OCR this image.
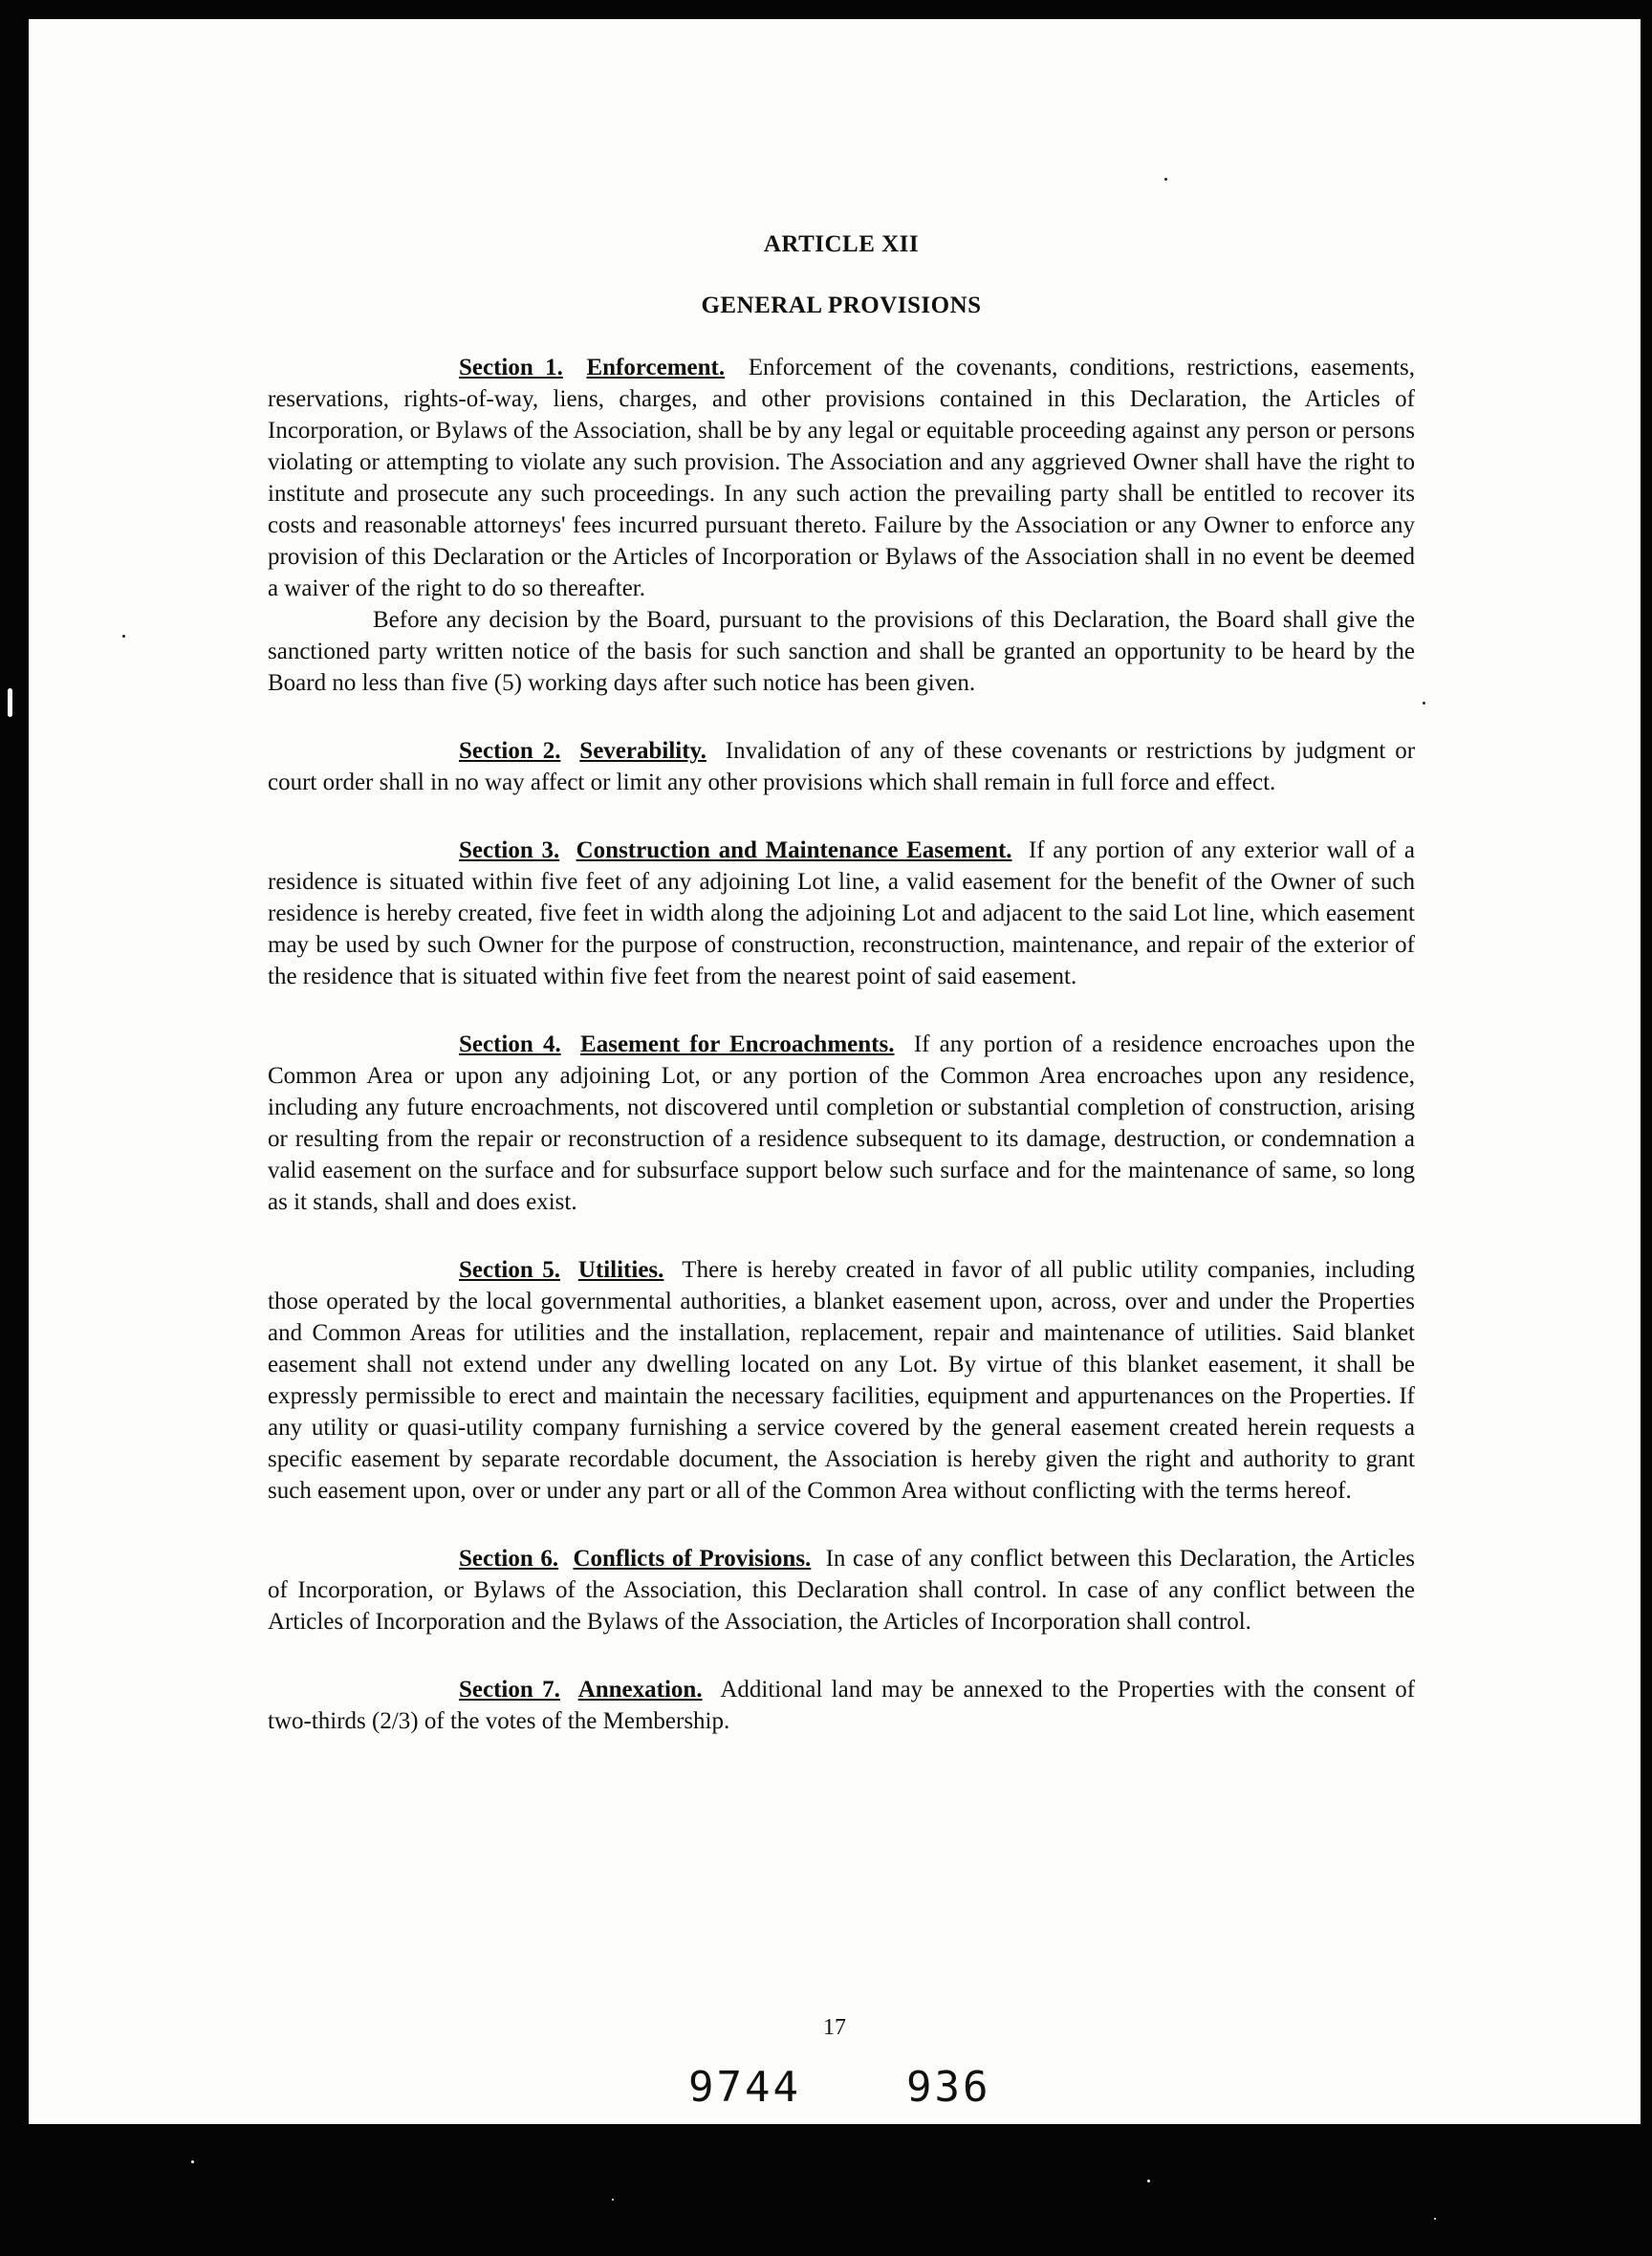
ARTICLE XII
GENERAL PROVISIONS

Section 1. Enforcement. Enforcement of the covenants, conditions, restrictions, easements, reservations, rights-of-way, liens, charges, and other provisions contained in this Declaration, the Articles of Incorporation, or Bylaws of the Association, shall be by any legal or equitable proceeding against any person or persons violating or attempting to violate any such provision. The Association and any aggrieved Owner shall have the right to institute and prosecute any such proceedings. In any such action the prevailing party shall be entitled to recover its costs and reasonable attorneys' fees incurred pursuant thereto. Failure by the Association or any Owner to enforce any provision of this Declaration or the Articles of Incorporation or Bylaws of the Association shall in no event be deemed a waiver of the right to do so thereafter.

Before any decision by the Board, pursuant to the provisions of this Declaration, the Board shall give the sanctioned party written notice of the basis for such sanction and shall be granted an opportunity to be heard by the Board no less than five (5) working days after such notice has been given.

Section 2. Severability. Invalidation of any of these covenants or restrictions by judgment or court order shall in no way affect or limit any other provisions which shall remain in full force and effect.

Section 3. Construction and Maintenance Easement. If any portion of any exterior wall of a residence is situated within five feet of any adjoining Lot line, a valid easement for the benefit of the Owner of such residence is hereby created, five feet in width along the adjoining Lot and adjacent to the said Lot line, which easement may be used by such Owner for the purpose of construction, reconstruction, maintenance, and repair of the exterior of the residence that is situated within five feet from the nearest point of said easement.

Section 4. Easement for Encroachments. If any portion of a residence encroaches upon the Common Area or upon any adjoining Lot, or any portion of the Common Area encroaches upon any residence, including any future encroachments, not discovered until completion or substantial completion of construction, arising or resulting from the repair or reconstruction of a residence subsequent to its damage, destruction, or condemnation a valid easement on the surface and for subsurface support below such surface and for the maintenance of same, so long as it stands, shall and does exist.

Section 5. Utilities. There is hereby created in favor of all public utility companies, including those operated by the local governmental authorities, a blanket easement upon, across, over and under the Properties and Common Areas for utilities and the installation, replacement, repair and maintenance of utilities. Said blanket easement shall not extend under any dwelling located on any Lot. By virtue of this blanket easement, it shall be expressly permissible to erect and maintain the necessary facilities, equipment and appurtenances on the Properties. If any utility or quasi-utility company furnishing a service covered by the general easement created herein requests a specific easement by separate recordable document, the Association is hereby given the right and authority to grant such easement upon, over or under any part or all of the Common Area without conflicting with the terms hereof.

Section 6. Conflicts of Provisions. In case of any conflict between this Declaration, the Articles of Incorporation, or Bylaws of the Association, this Declaration shall control. In case of any conflict between the Articles of Incorporation and the Bylaws of the Association, the Articles of Incorporation shall control.

Section 7. Annexation. Additional land may be annexed to the Properties with the consent of two-thirds (2/3) of the votes of the Membership.

17
9744	936
